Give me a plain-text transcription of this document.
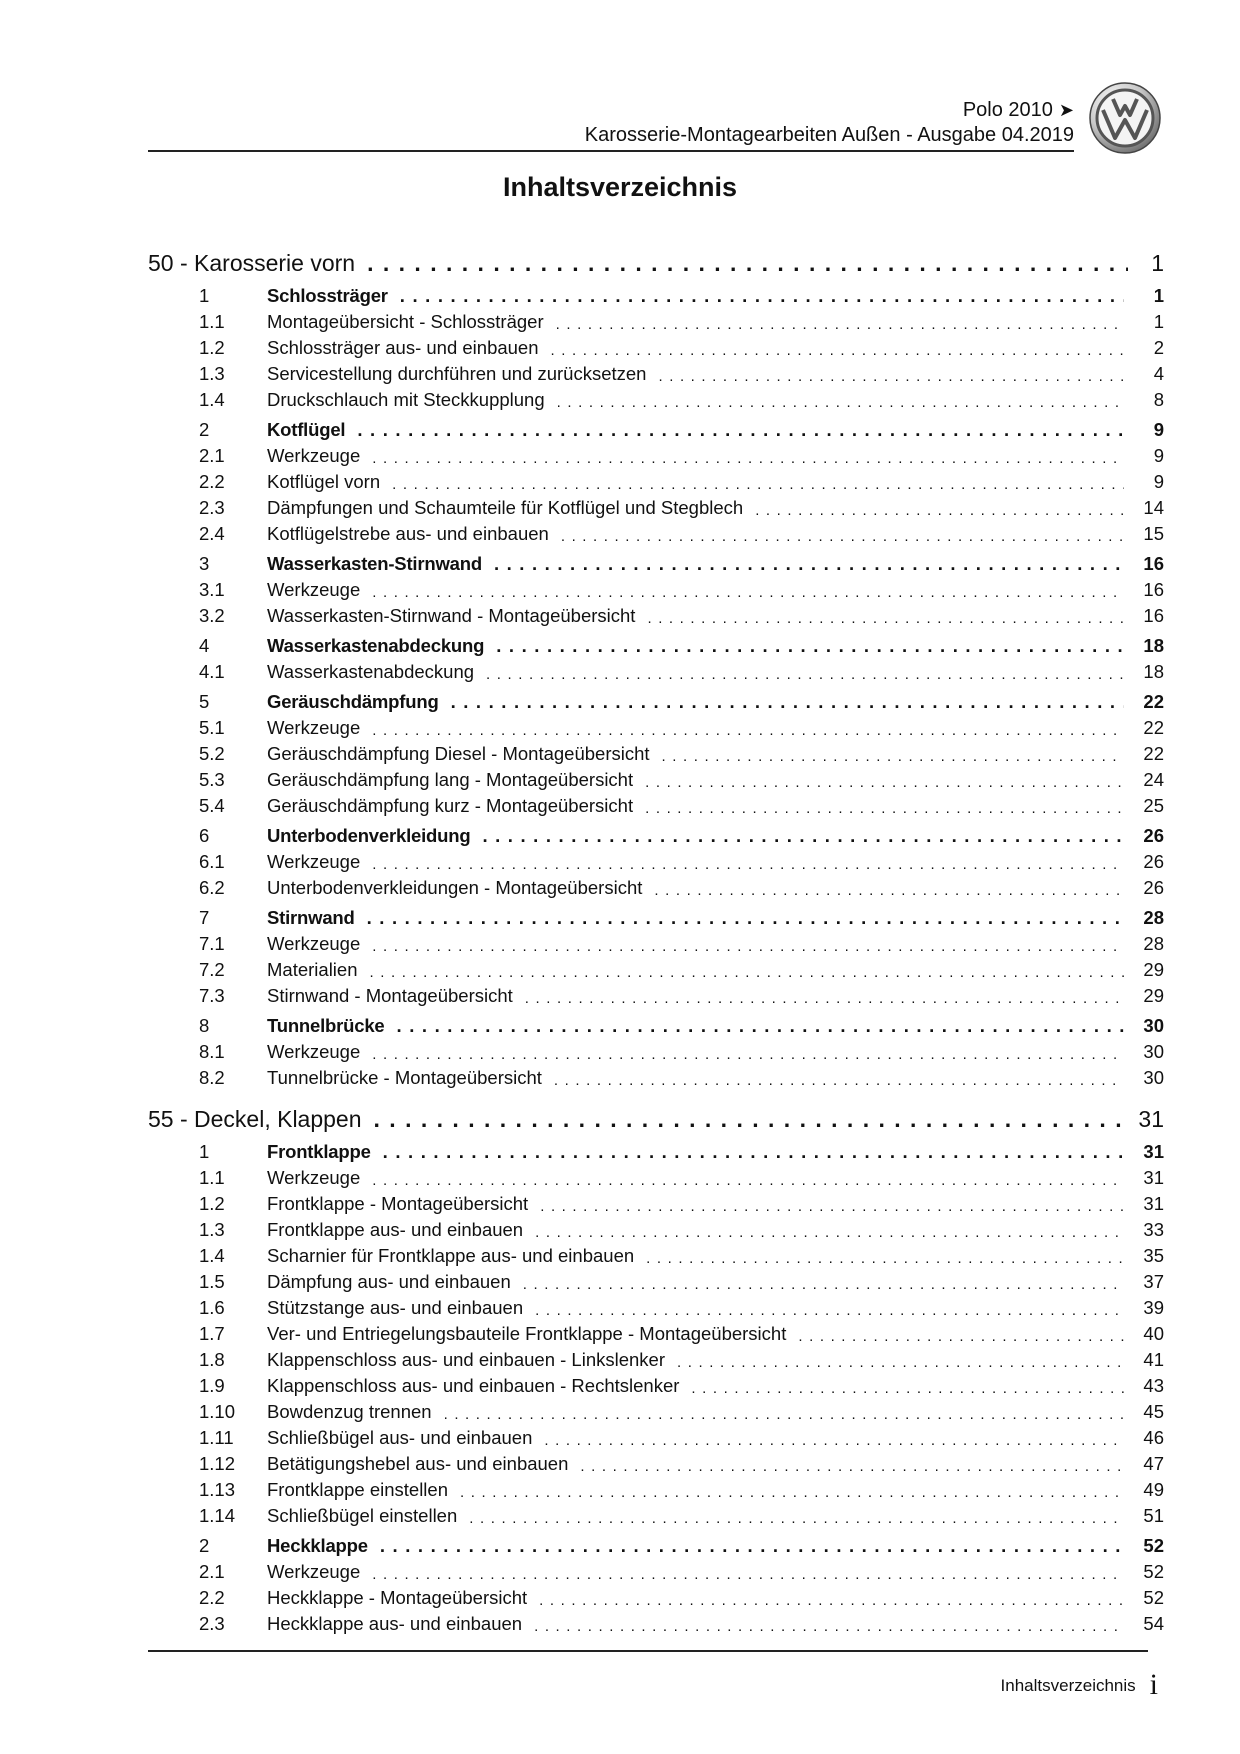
Polo 2010 ➤
Karosserie-Montagearbeiten Außen - Ausgabe 04.2019
Inhaltsverzeichnis
50 - Karosserie vorn . . .	1
1	Schlossträger . . .	1
1.1	Montageübersicht - Schlossträger . . .	1
1.2	Schlossträger aus- und einbauen . . .	2
1.3	Servicestellung durchführen und zurücksetzen . . .	4
1.4	Druckschlauch mit Steckkupplung . . .	8
2	Kotflügel . . .	9
2.1	Werkzeuge . . .	9
2.2	Kotflügel vorn . . .	9
2.3	Dämpfungen und Schaumteile für Kotflügel und Stegblech . . .	14
2.4	Kotflügelstrebe aus- und einbauen . . .	15
3	Wasserkasten-Stirnwand . . .	16
3.1	Werkzeuge . . .	16
3.2	Wasserkasten-Stirnwand - Montageübersicht . . .	16
4	Wasserkastenabdeckung . . .	18
4.1	Wasserkastenabdeckung . . .	18
5	Geräuschdämpfung . . .	22
5.1	Werkzeuge . . .	22
5.2	Geräuschdämpfung Diesel - Montageübersicht . . .	22
5.3	Geräuschdämpfung lang - Montageübersicht . . .	24
5.4	Geräuschdämpfung kurz - Montageübersicht . . .	25
6	Unterbodenverkleidung . . .	26
6.1	Werkzeuge . . .	26
6.2	Unterbodenverkleidungen - Montageübersicht . . .	26
7	Stirnwand . . .	28
7.1	Werkzeuge . . .	28
7.2	Materialien . . .	29
7.3	Stirnwand - Montageübersicht . . .	29
8	Tunnelbrücke . . .	30
8.1	Werkzeuge . . .	30
8.2	Tunnelbrücke - Montageübersicht . . .	30
55 - Deckel, Klappen . . .	31
1	Frontklappe . . .	31
1.1	Werkzeuge . . .	31
1.2	Frontklappe - Montageübersicht . . .	31
1.3	Frontklappe aus- und einbauen . . .	33
1.4	Scharnier für Frontklappe aus- und einbauen . . .	35
1.5	Dämpfung aus- und einbauen . . .	37
1.6	Stützstange aus- und einbauen . . .	39
1.7	Ver- und Entriegelungsbauteile Frontklappe - Montageübersicht . . .	40
1.8	Klappenschloss aus- und einbauen - Linkslenker . . .	41
1.9	Klappenschloss aus- und einbauen - Rechtslenker . . .	43
1.10	Bowdenzug trennen . . .	45
1.11	Schließbügel aus- und einbauen . . .	46
1.12	Betätigungshebel aus- und einbauen . . .	47
1.13	Frontklappe einstellen . . .	49
1.14	Schließbügel einstellen . . .	51
2	Heckklappe . . .	52
2.1	Werkzeuge . . .	52
2.2	Heckklappe - Montageübersicht . . .	52
2.3	Heckklappe aus- und einbauen . . .	54
Inhaltsverzeichnis i
